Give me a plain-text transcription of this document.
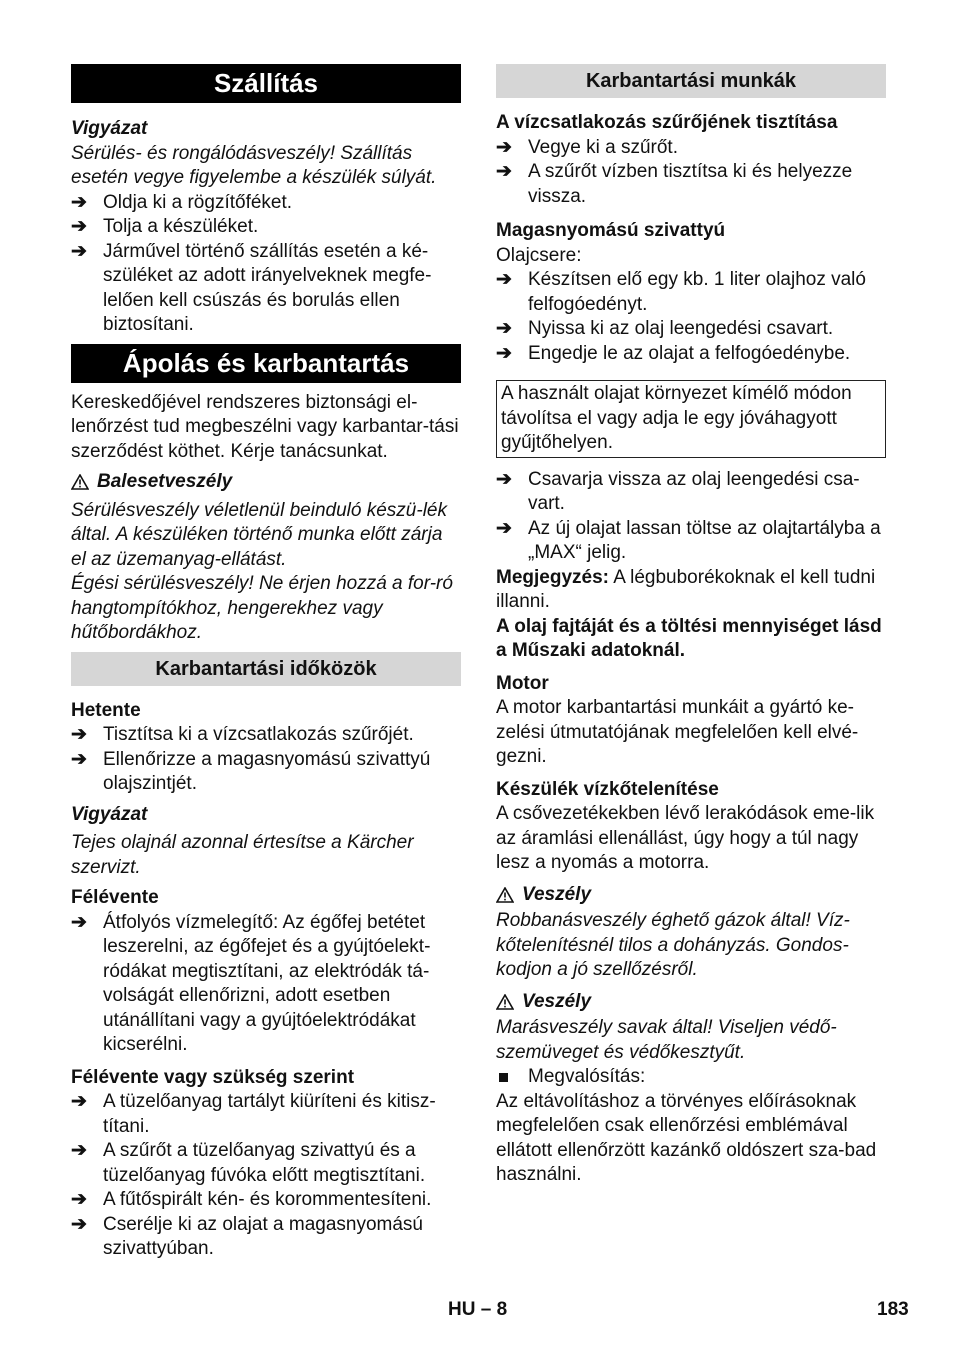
Szállítás

Vigyázat

Sérülés- és rongálódásveszély! Szállítás esetén vegye figyelembe a készülék súlyát.

➔ Oldja ki a rögzítőféket.
➔ Tolja a készüléket.
➔ Járművel történő szállítás esetén a ké-szüléket az adott irányelveknek megfe-lelően kell csúszás és borulás ellen biztosítani.
Ápolás és karbantartás

Kereskedőjével rendszeres biztonsági el-lenőrzést tud megbeszélni vagy karbantar-tási szerződést köthet. Kérje tanácsunkat.

Balesetveszély

Sérülésveszély véletlenül beinduló készü-lék által. A készüléken történő munka előtt zárja el az üzemanyag-ellátást.

Égési sérülésveszély! Ne érjen hozzá a for-ró hangtompítókhoz, hengerekhez vagy hűtőbordákhoz.

Karbantartási időközök

Hetente

➔ Tisztítsa ki a vízcsatlakozás szűrőjét.
➔ Ellenőrizze a magasnyomású szivattyú olajszintjét.

Vigyázat

Tejes olajnál azonnal értesítse a Kärcher szervizt.

Félévente

➔ Átfolyós vízmelegítő: Az égőfej betétet leszerelni, az égőfejet és a gyújtóelekt-ródákat megtisztítani, az elektródák tá-volságát ellenőrizni, adott esetben utánállítani vagy a gyújtóelektródákat kicserélni.

Félévente vagy szükség szerint

➔ A tüzelőanyag tartályt kiüríteni és kitisz-títani.
➔ A szűrőt a tüzelőanyag szivattyú és a tüzelőanyag fúvóka előtt megtisztítani.
➔ A fűtőspirált kén- és korommentesíteni.
➔ Cserélje ki az olajat a magasnyomású szivattyúban.
Karbantartási munkák

A vízcsatlakozás szűrőjének tisztítása

➔ Vegye ki a szűrőt.
➔ A szűrőt vízben tisztítsa ki és helyezze vissza.

Magasnyomású szivattyú

Olajcsere:

➔ Készítsen elő egy kb. 1 liter olajhoz való felfogóedényt.
➔ Nyissa ki az olaj leengedési csavart.
➔ Engedje le az olajat a felfogóedénybe.
A használt olajat környezet kímélő módon távolítsa el vagy adja le egy jóváhagyott gyűjtőhelyen.
➔ Csavarja vissza az olaj leengedési csa-vart.
➔ Az új olajat lassan töltse az olajtartályba a „MAX“ jelig.

Megjegyzés: A légbuborékoknak el kell tudni illanni.

A olaj fajtáját és a töltési mennyiséget lásd a Műszaki adatoknál.

Motor

A motor karbantartási munkáit a gyártó ke-zelési útmutatójának megfelelően kell elvé-gezni.

Készülék vízkőtelenítése

A csővezetékekben lévő lerakódások eme-lik az áramlási ellenállást, úgy hogy a túl nagy lesz a nyomás a motorra.

Veszély

Robbanásveszély éghető gázok által! Víz-kőtelenítésnél tilos a dohányzás. Gondos-kodjon a jó szellőzésről.

Veszély

Marásveszély savak által! Viseljen védő-szemüveget és védőkesztyűt.

Megvalósítás:

Az eltávolításhoz a törvényes előírásoknak megfelelően csak ellenőrzési emblémával ellátott ellenőrzött kazánkő oldószert sza-bad használni.

HU – 8	183
